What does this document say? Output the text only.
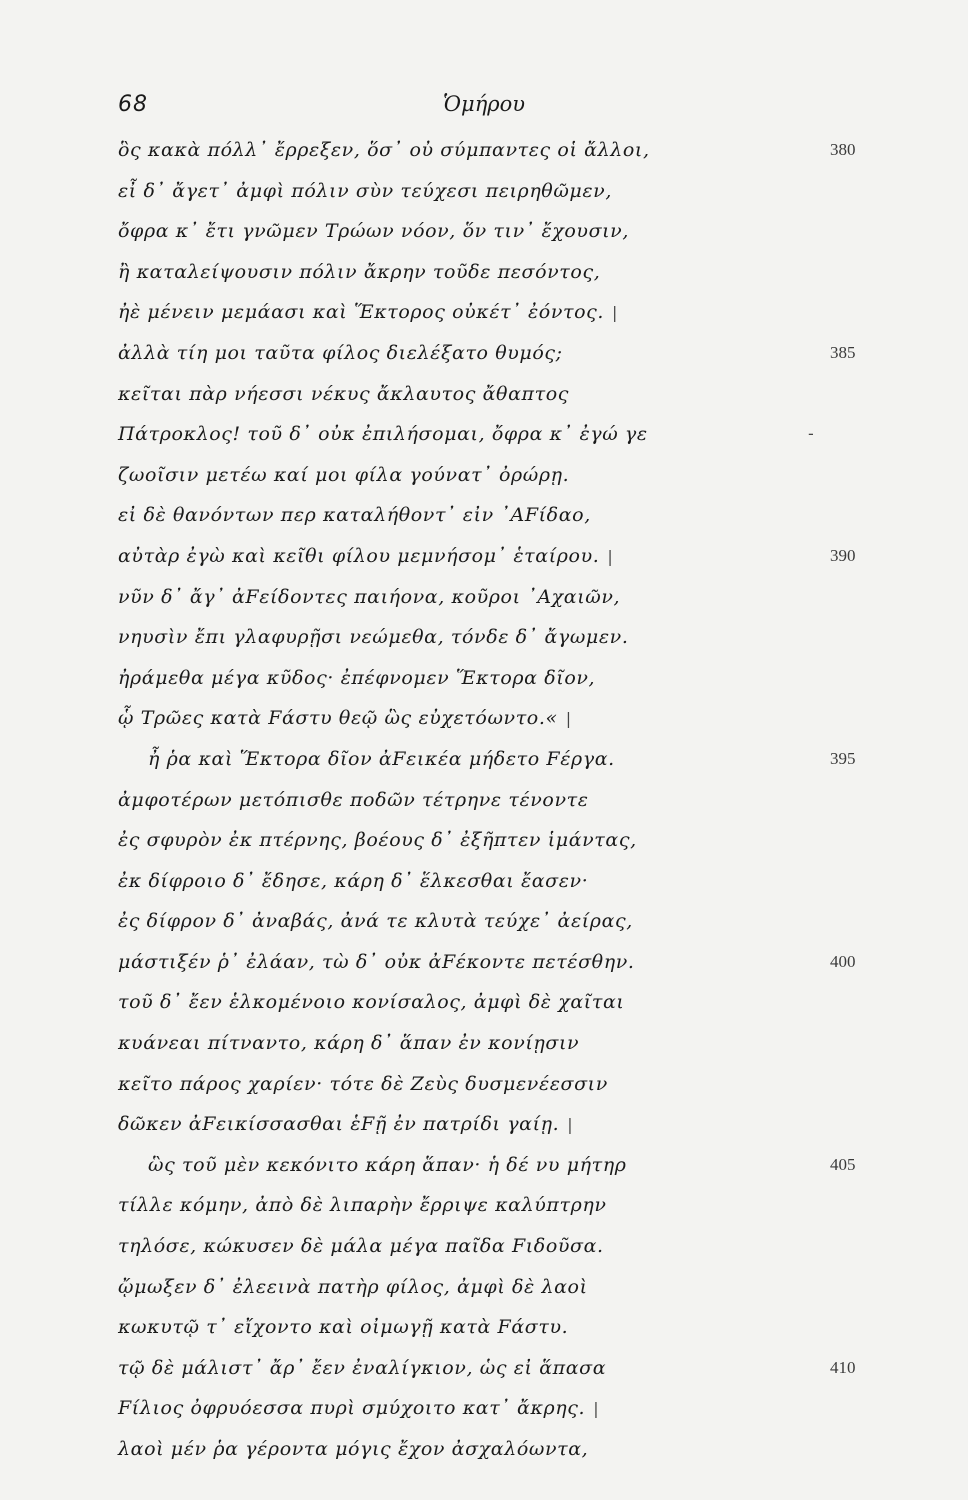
68	Ὁμήρου
ὃς κακὰ πόλλ᾽ ἔρρεξεν, ὅσ᾽ οὐ σύμπαντες οἱ ἄλλοι,	380
εἶ δ᾽ ἄγετ᾽ ἀμφὶ πόλιν σὺν τεύχεσι πειρηθῶμεν,
ὄφρα κ᾽ ἔτι γνῶμεν Τρώων νόον, ὅν τιν᾽ ἔχουσιν,
ἢ καταλείψουσιν πόλιν ἄκρην τοῦδε πεσόντος,
ἠὲ μένειν μεμάασι καὶ Ἕκτορος οὐκέτ᾽ ἐόντος. |
ἀλλὰ τίη μοι ταῦτα φίλος διελέξατο θυμός;	385
κεῖται πὰρ νήεσσι νέκυς ἄκλαυτος ἄθαπτος
Πάτροκλος! τοῦ δ᾽ οὐκ ἐπιλήσομαι, ὄφρα κ᾽ ἐγώ γε	-
ζωοῖσιν μετέω καί μοι φίλα γούνατ᾽ ὀρώρῃ.
εἰ δὲ θανόντων περ καταλήθοντ᾽ εἰν ᾽ΑFίδαο,
αὐτὰρ ἐγὼ καὶ κεῖθι φίλου μεμνήσομ᾽ ἑταίρου. |	390
νῦν δ᾽ ἄγ᾽ ἀFείδοντες παιήονα, κοῦροι ᾽Αχαιῶν,
νηυσὶν ἔπι γλαφυρῇσι νεώμεθα, τόνδε δ᾽ ἄγωμεν.
ἠράμεθα μέγα κῦδος· ἐπέφνομεν Ἕκτορα δῖον,
ᾧ Τρῶες κατὰ Fάστυ θεῷ ὣς εὐχετόωντο.« |
ἦ ῥα καὶ Ἕκτορα δῖον ἀFεικέα μήδετο Fέργα.	395
ἀμφοτέρων μετόπισθε ποδῶν τέτρηνε τένοντε
ἐς σφυρὸν ἐκ πτέρνης, βοέους δ᾽ ἐξῆπτεν ἱμάντας,
ἐκ δίφροιο δ᾽ ἔδησε, κάρη δ᾽ ἕλκεσθαι ἔασεν·
ἐς δίφρον δ᾽ ἀναβάς, ἀνά τε κλυτὰ τεύχε᾽ ἀείρας,
μάστιξέν ῥ᾽ ἐλάαν, τὼ δ᾽ οὐκ ἀFέκοντε πετέσθην.	400
τοῦ δ᾽ ἔεν ἑλκομένοιο κονίσαλος, ἀμφὶ δὲ χαῖται
κυάνεαι πίτναντο, κάρη δ᾽ ἅπαν ἐν κονίῃσιν
κεῖτο πάρος χαρίεν· τότε δὲ Ζεὺς δυσμενέεσσιν
δῶκεν ἀFεικίσσασθαι ἑFῇ ἐν πατρίδι γαίῃ. |
ὣς τοῦ μὲν κεκόνιτο κάρη ἅπαν· ἡ δέ νυ μήτηρ	405
τίλλε κόμην, ἀπὸ δὲ λιπαρὴν ἔρριψε καλύπτρην
τηλόσε, κώκυσεν δὲ μάλα μέγα παῖδα Fιδοῦσα.
ᾤμωξεν δ᾽ ἐλεεινὰ πατὴρ φίλος, ἀμφὶ δὲ λαοὶ
κωκυτῷ τ᾽ εἴχοντο καὶ οἰμωγῇ κατὰ Fάστυ.
τῷ δὲ μάλιστ᾽ ἄρ᾽ ἔεν ἐναλίγκιον, ὡς εἰ ἅπασα	410
Fίλιος ὀφρυόεσσα πυρὶ σμύχοιτο κατ᾽ ἄκρης. |
λαοὶ μέν ῥα γέροντα μόγις ἔχον ἀσχαλόωντα,
